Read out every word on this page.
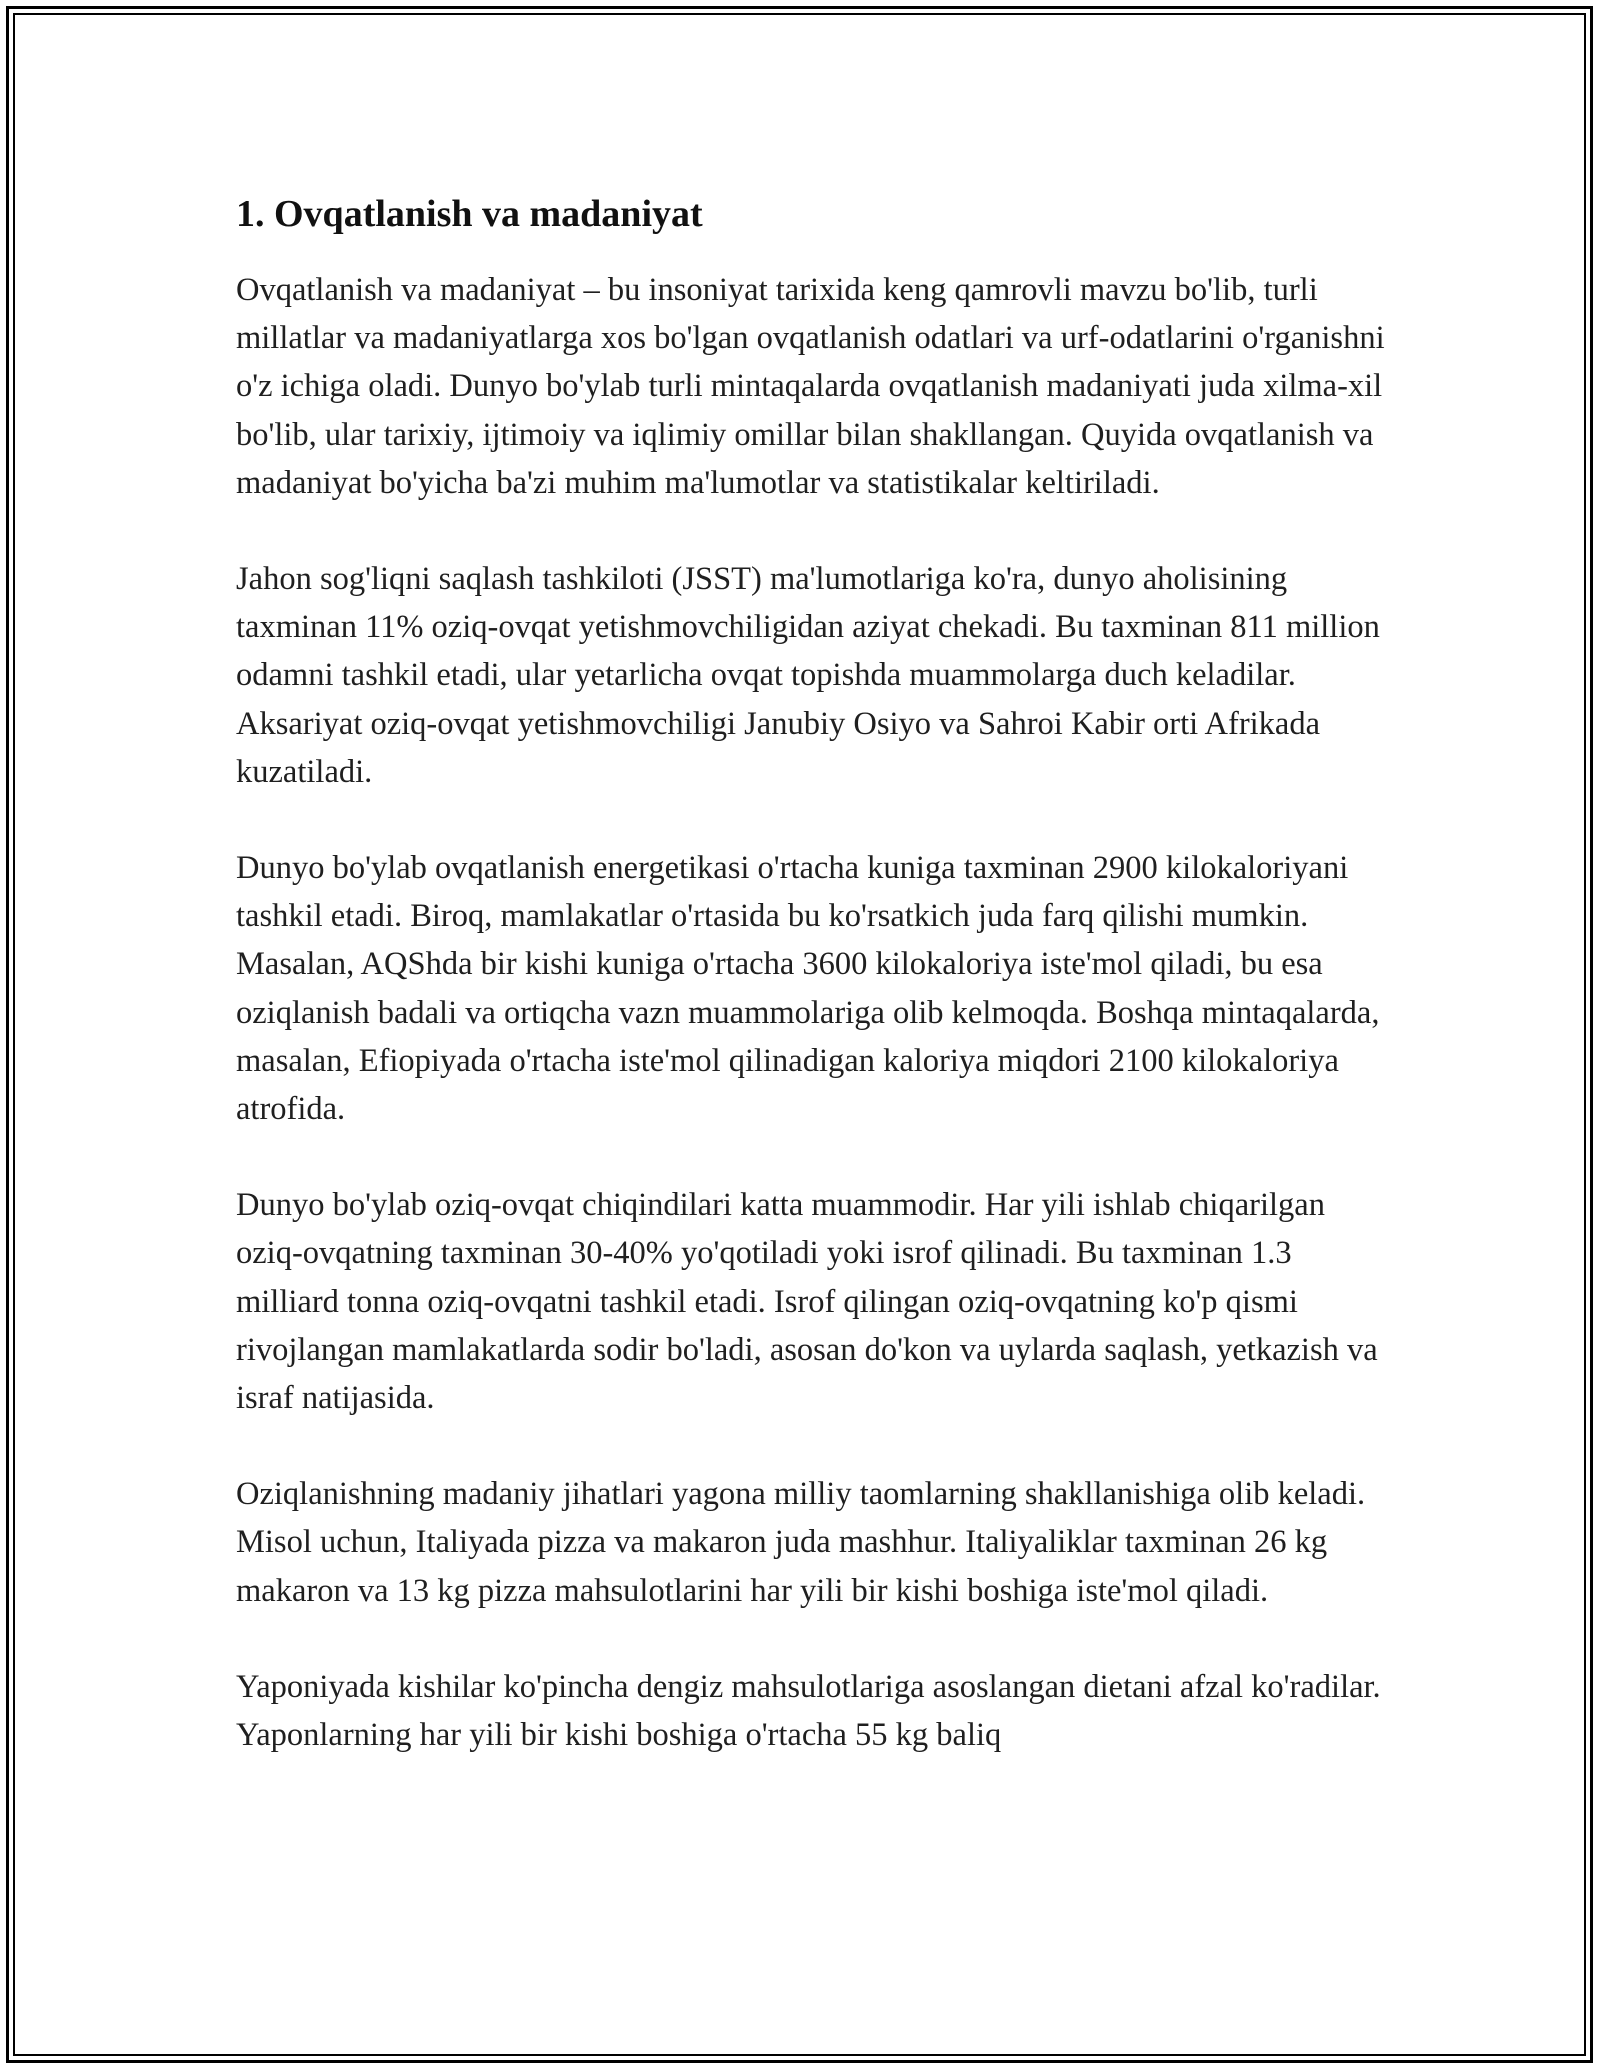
1. Ovqatlanish va madaniyat

Ovqatlanish va madaniyat – bu insoniyat tarixida keng qamrovli mavzu bo'lib, turli millatlar va madaniyatlarga xos bo'lgan ovqatlanish odatlari va urf-odatlarini o'rganishni o'z ichiga oladi. Dunyo bo'ylab turli mintaqalarda ovqatlanish madaniyati juda xilma-xil bo'lib, ular tarixiy, ijtimoiy va iqlimiy omillar bilan shakllangan. Quyida ovqatlanish va madaniyat bo'yicha ba'zi muhim ma'lumotlar va statistikalar keltiriladi.

Jahon sog'liqni saqlash tashkiloti (JSST) ma'lumotlariga ko'ra, dunyo aholisining taxminan 11% oziq-ovqat yetishmovchiligidan aziyat chekadi. Bu taxminan 811 million odamni tashkil etadi, ular yetarlicha ovqat topishda muammolarga duch keladilar. Aksariyat oziq-ovqat yetishmovchiligi Janubiy Osiyo va Sahroi Kabir orti Afrikada kuzatiladi.

Dunyo bo'ylab ovqatlanish energetikasi o'rtacha kuniga taxminan 2900 kilokaloriyani tashkil etadi. Biroq, mamlakatlar o'rtasida bu ko'rsatkich juda farq qilishi mumkin. Masalan, AQShda bir kishi kuniga o'rtacha 3600 kilokaloriya iste'mol qiladi, bu esa oziqlanish badali va ortiqcha vazn muammolariga olib kelmoqda. Boshqa mintaqalarda, masalan, Efiopiyada o'rtacha iste'mol qilinadigan kaloriya miqdori 2100 kilokaloriya atrofida.

Dunyo bo'ylab oziq-ovqat chiqindilari katta muammodir. Har yili ishlab chiqarilgan oziq-ovqatning taxminan 30-40% yo'qotiladi yoki isrof qilinadi. Bu taxminan 1.3 milliard tonna oziq-ovqatni tashkil etadi. Isrof qilingan oziq-ovqatning ko'p qismi rivojlangan mamlakatlarda sodir bo'ladi, asosan do'kon va uylarda saqlash, yetkazish va israf natijasida.

Oziqlanishning madaniy jihatlari yagona milliy taomlarning shakllanishiga olib keladi. Misol uchun, Italiyada pizza va makaron juda mashhur. Italiyaliklar taxminan 26 kg makaron va 13 kg pizza mahsulotlarini har yili bir kishi boshiga iste'mol qiladi.

Yaponiyada kishilar ko'pincha dengiz mahsulotlariga asoslangan dietani afzal ko'radilar. Yaponlarning har yili bir kishi boshiga o'rtacha 55 kg baliq
